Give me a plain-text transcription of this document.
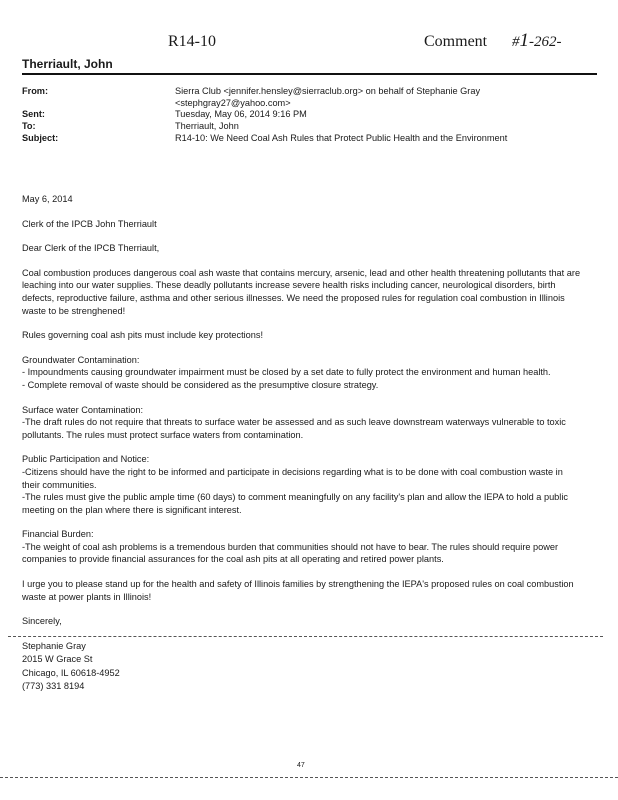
R14-10	Comment #1-262-
Therriault, John
From:	Sierra Club <jennifer.hensley@sierraclub.org> on behalf of Stephanie Gray
<stephgray27@yahoo.com>
Sent:	Tuesday, May 06, 2014 9:16 PM
To:	Therriault, John
Subject:	R14-10: We Need Coal Ash Rules that Protect Public Health and the Environment

May 6, 2014

Clerk of the IPCB John Therriault

Dear Clerk of the IPCB Therriault,

Coal combustion produces dangerous coal ash waste that contains mercury, arsenic, lead and other health threatening pollutants that are leaching into our water supplies. These deadly pollutants increase severe health risks including cancer, neurological disorders, birth defects, reproductive failure, asthma and other serious illnesses. We need the proposed rules for regulation coal combustion in Illinois waste to be strenghened!

Rules governing coal ash pits must include key protections!

Groundwater Contamination:
- Impoundments causing groundwater impairment must be closed by a set date to fully protect the environment and human health.
- Complete removal of waste should be considered as the presumptive closure strategy.
Surface water Contamination:
-The draft rules do not require that threats to surface water be assessed and as such leave downstream waterways vulnerable to toxic pollutants. The rules must protect surface waters from contamination.
Public Participation and Notice:
-Citizens should have the right to be informed and participate in decisions regarding what is to be done with coal combustion waste in their communities.
-The rules must give the public ample time (60 days) to comment meaningfully on any facility's plan and allow the IEPA to hold a public meeting on the plan where there is significant interest.
Financial Burden:
-The weight of coal ash problems is a tremendous burden that communities should not have to bear. The rules should require power companies to provide financial assurances for the coal ash pits at all operating and retired power plants.

I urge you to please stand up for the health and safety of Illinois families by strengthening the IEPA's proposed rules on coal combustion waste at power plants in Illinois!

Sincerely,

Stephanie Gray
2015 W Grace St
Chicago, IL 60618-4952
(773) 331 8194
47
